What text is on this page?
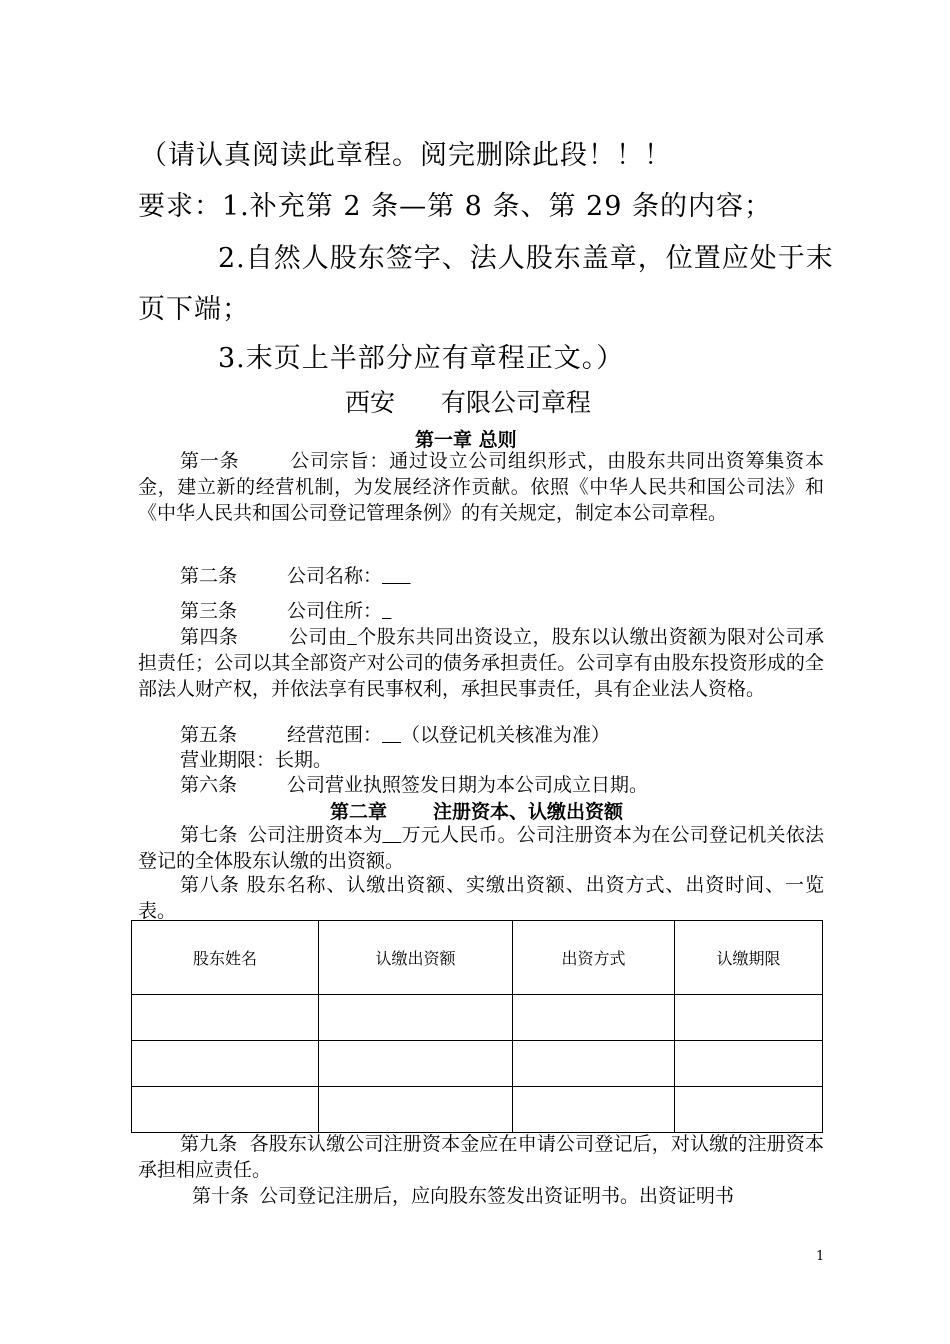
（请认真阅读此章程。阅完删除此段！！！
要求：1.补充第 2 条—第 8 条、第 29 条的内容；
2.自然人股东签字、法人股东盖章，位置应处于末
页下端；
3.末页上半部分应有章程正文。）
西安 有限公司章程
第一章 总则
第一条	公司宗旨：通过设立公司组织形式，由股东共同出资筹集资本金，建立新的经营机制，为发展经济作贡献。依照《中华人民共和国公司法》和《中华人民共和国公司登记管理条例》的有关规定，制定本公司章程。
第二条	公司名称：   
第三条	公司住所： 
第四条	公司由  个股东共同出资设立，股东以认缴出资额为限对公司承担责任；公司以其全部资产对公司的债务承担责任。公司享有由股东投资形成的全部法人财产权，并依法享有民事权利，承担民事责任，具有企业法人资格。
第五条	经营范围：   （以登记机关核准为准）
营业期限：长期。
第六条	公司营业执照签发日期为本公司成立日期。
第二章 注册资本、认缴出资额
第七条 公司注册资本为   万元人民币。公司注册资本为在公司登记机关依法登记的全体股东认缴的出资额。
第八条 股东名称、认缴出资额、实缴出资额、出资方式、出资时间、一览表。
股东姓名	认缴出资额	出资方式	认缴期限

第九条 各股东认缴公司注册资本金应在申请公司登记后，对认缴的注册资本承担相应责任。
第十条 公司登记注册后，应向股东签发出资证明书。出资证明书
1
